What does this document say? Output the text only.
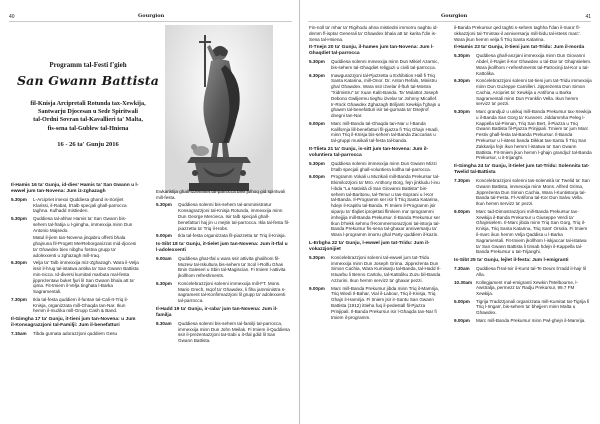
40	Gourgion
Programm tal-Festi f'gieh
San Gwann Battista
fil-Knisja Arcipretali Rotunda tax-Xewkija,
Santwarju Djocesan u Sede Spiritwali
tal-Ordni Sovran tal-Kavallieri ta' Malta,
fis-sena tal-Gublew tal-Hniena
16 - 26 ta' Gunju 2016
Il-Hamis 16 ta' Gunju, id-dies' Hamis ta' San Gwann u l-ewwel jum tan-Novena: Jum iz-zghazagh
5.30pm	L-Arcipriet imexxi Quddiesa ghand is-Sorijiet Klarissi, il-Rabat, b'talb specjali ghall-parrocca taghna. Kulhadd mistieden.
5.30pm	Quddiesa tal-ahhar Hamis ta' San Gwann bis-sehem tal-fratija u l-gimgha, immexxija minn Dun Antonio Majsedo.
Matul il-jiem tan-Novena jinqabru offerti bhala ghajnuna fil-Progett MerReborganizzat mid-djocesi ta' Ghawdex biex nibghu fostna grupp ta' adolexxenti u zghazagh mill-Iraq.
6.30pm	Velja ta' Talb immexxija miz-Zghazagh. Wara il-Velja issir il-hrug tal-istatwa antika ta' San Gwann Battista min-nicca. Id-diversi kumitati marbuta mal-festa jippreżentaw buket fjuri lil San Gwann bhala att ta' qima. Fit-tmiem il-Velja tinghata l-Barka Sagramentali.
7.30pm	Ikla tal-festa quddiem il-funtan tal-Cali-It-Triq il-Knisja, organizzata mill-Ghaqda tan-Nar. Ikun hemm il-mużika mill-Grupp Cash & Band.
Il-Gimgha 17 ta' Gunju, it-tieni jum tan-Novena: u Jum il-Konsagrazzjoni tal-Familji: Jum il-benefatturi
7.15am	Tibda gurnata adorazzjoni quddiem Gesu
Ewkaristija ghall-Izzenmiet tal-parrocca biex jolhoq gid spiritwali mill-festa.
5.30pm	Quddiesa solenni bis-sehem tal-amministratur Konsagrazzjoni tal-Knisja Rotunda, immexxija minn Dun George Mercieca. Isir talb specjali ghall-benefatturi haj jin u mejtin tal-parrocca. Ikla tal-festa fil-piazzetta ta' Triq il-Hobs.
9.00pm	Ikla tal-festa organizzata fil-piazzetta ta' Triq il-Knisja.
Is-Sibt 18 ta' Gunju, it-tielet jum tan-Novena: Jum it-tfal u l-adolexxenti
9.00am	Quddiesa ghat-tfal u wara ssir attivita ghalihom fil-Muzew tal-Iskultura bis-sehem ta' Scol l-Rolfu Ghas Bnin Galeseri u Sbin tal-Magiscian. Fi tmiem l-attivita jkollhom refreshments.
6.30pm	Konċelebrazzjoni solenni immexxija mill-FT. Mons. Mario Grech, Isqof ta' Ghawdex, li fiha jamministra s-sagrament tal-Konfirmazzjoni lil grupp ta' adolexxenti tal-parrocca.
Il-Hadd 19 ta' Gunju, ir-raba' jum tan-Novena: Jum il-familja
8.30am	Quddiesa solenni bis-sehem tal-familji tal-parrocca, immexxija minn Dun John Meilak. Fi tmiem il-Quddiesa ssir il-preżentazzjoni tat-trabi u it-tfal gdid lil San Gwann Battista.
41
Gourgion
Fin-noll ta' mhar ta' Rigihodu ahna mistiedni immorru naghtu id-demm fl-isptar Generali ta' Ghawdex bhala att ta' karita f'din is-Sena tal-Hniena.
It-Tnejn 20 ta' Gunju, il-hames jum tan-Novena: Jum l-Ghaqdiet tal-parrocca
5.30pm	Quddiesa solenni mmexxija minn Dun Mikiel Azarnic, bis-sehem tal-Ghaqdiet religjuzi u civili tal-parrocca.
6.30pm	Inawgurazzjoni tal-Pjazzetta u Exhibition Hall fi Triq Santa Katarina, mill-Onor. Dr. Anton Refalo, Ministru ghal Ghawdex. Wara ssir iżvelar il-ftuh tal-Mostra "Xidmistru" ta' Xuan Kalit-Banda. Ta' Mulattot Joseph Debono Gwiljermu tiegħu iżvelar ta' Johnny Micallef. Ir-Rock Ghawdex Zghazagh Briljanti Xewkija f'ghajn u ghawm tal-benefatturi isir tal-gurnata ta' Dsejtrof dnegni tan-Nar.
9.00pm	Marc mill-Banda tal-Ghaqda tan-Nar u l-Banda Kalifornja lill-benefatturi fil-pjazza fi Triq Ghajn Hnadi, minn Triq il-Knisja bis-sehem tal-Banda Zaccarias u tal-gruppi musikali tal-festa tal-banda.
It-Tlieta 21 ta' Gunju, is-sitt jum tan-Novena: Jum il-voluntiera tal-parrocca
5.30pm	Quddiesa solenni immexxija minn Dun Gwann Mizzi b'talb specjali ghall-voluntiera kollha tal-parrocca.
6.00pm	Programm Vokali u Muzikali mill-Banda Prekursur tal-Ekimilozzjoni ta' Mro. Anthony Borg, fejn jinkludu l-inu l-ibda "La Natività di San Giovanni Battista" bis-sehem tal-Baritonu, tal-Tenur u tas-Soprani u l-Kor tal-Banda. Il-Programm ser isir fi Triq Santa Katarina, hdejn il-Kapitlu tal-Banda. Fi tmiem il-Programm jsir siparju ta' tfajliet iprojettati flimkien ma' Iprogrammi imhejjija mill-Banda Prekursur. Il-Banda Prekursur ser tkun b'hekk sehmu fl-Kommemorazzjoni tal-istorja tal-Banda Prekursur fis-sena tal-ghaxar anniversarju ta' Wara l-programm imorru ghal Party quddiem il-kazin.
L-Erbgha 22 ta' Gunju, l-ewwel jum tat-Tridu: Jum il-vokazzjonijiet
5.30pm	Konċelebrazzjoni solenni tal-ewwel jum tat-Tridu immexxija minn Dun Joseph Grima. Jippreżenta Dun Simon Cachia, Wara Kumisarju tal-Banda, tal-Hadd Il-Istuarbu li Benno Cartolu, tal-Kattoliku Zuzu bil-Banda Azzurini. Ikun hemm servizz ta' ghaxar pezzi.
9.00pm	Marc mill-Banda Prekursur jibda minn Triq il-Mamrija, Triq Wiedi Il-Bahar, Vial il-Labour, Triq il-Knisja, Triq Ghajn il-Hamrija. Fi tmiem jsir ir-Santu San Gwann Battista (1912) ittieha fuq il-pedestall fil-Pjazza Prinjipali. Il-Banda Prekursur isir l-Ghaqda tan-Nar fi tmiem il-programm.
il-Banda Prekursur qed taghti s-sehem taghha f'dan il-mara' fl-okkazzjoni tal-Tmintax-il anniversarju mill-bidu tal-istess marc'. Wara jkun hemm velja fi Triq Santa Katarina.
Il-Hamis 23 ta' Gunju, it-tieni jum tat-Tridu: Jum il-morda
5.30pm	Quddiesa ghall-anzjani immexxija minn Dun Giovanni Abdel, il-Rajiet il-Kor Ghawdex u tal-Dar ta' Ghajnsielem. Wara jkollhom r-refreshments tal-Patrocinji tal-Kor u tal-Kattolika.
6.30pm	Konċelebrazzjoni solenni tat-tieni jum tat-Tridu immexxija minn Dun Gużeppe Camilleri. Jippreżenta Dun Simon Cachia, Arcipriet ta' Xewkija u Antifona u Barka Sagramentali minn Dun Franklin Vella. Ikun hemm servizz ta' pezzi.
9.30pm	Marc grandjuż u unikuj mill-Banda Prekursur tax-Xewkija u il-Banda San Gorg ta' Kunvent. Jiddammha Peleg l-Kappella tal-Pinnan, Triq San Bert, il-Piazza u Triq Gwann Battista fil-Pjazza Prinjipali. Tmiem ta' jum Marc Festiv ghall-festa tal-Banda Prekursur. Il-Banda Prekursur u l-istess banda Dikkat tas-Santu fi Triq San Zakkarija fejn ikun hemm l-istatwa ta' San Gwann Battista. Fit-tmiem jkun hemm l-ghajn grandjuż tal-Banda Prekursur, u it-trijanghi.
Il-Gimgha 24 ta' Gunju, it-tielet jum tat-Tridu: Solennita tat-Twelid tal-Battista
7.30pm	Konċelebrazzjoni solenni tas-solennità ta' Twelid ta' San Gwann Battista, immexxija minn Mons. Alfred Grima, Jippreżenta Dun Simon Cachia, Wara l-Kuntistorja tal-Banda tal-Festa. Fl-Antifona tal-Kor Dun Salvu Vella. Ikun hemm servizz ta' pezzi.
9.00pm	Marc tad-Dimostrazzjoni mill-Banda Prekursur tax-Xewkija il-Banda Prekursur u Giuseppe Verdi ta' Ghajnsielem. Il-Marc jibda minn Triq San Gorg, Triq il-Knisja, Triq Santa Katarina, Triq Sant' Orsola. Fi tmiem il-marc ikun hemm Velja Qaddisa u l-Barka Sagramentali. Fit-tmiem jkollhom l-iskjaccar tal-istatwa ta' San Gwann Battista li tinsab hdejn il-Kappella tal-Banda Prekursur u tat-Trijanghi.
Is-Sibt 25 ta' Gunju, lejlet il-festa: Jum l-emigranti
7.30am	Quddiesa f'Hal-Ixir il-Kumt tal-Te Deum b'radd il-hajr lil Alla.
10.30am Kollegjament mal-emigranti Xewkin f'Melbourne, l-Awstralja, permezz ta' Radju Prekursur, 99.7 FM Xewkija.
5.00pm	Tigrija Tradizzjonali organizzata mill-Kumitat tat-Tigrija fi Triq l-Imgarr, bis-sehem ta' bhejjem minn Malta u Ghawdex.
9.00pm	Marc mill-Banda Prekursur minn Pwl-ghejn il-Mamrija.
